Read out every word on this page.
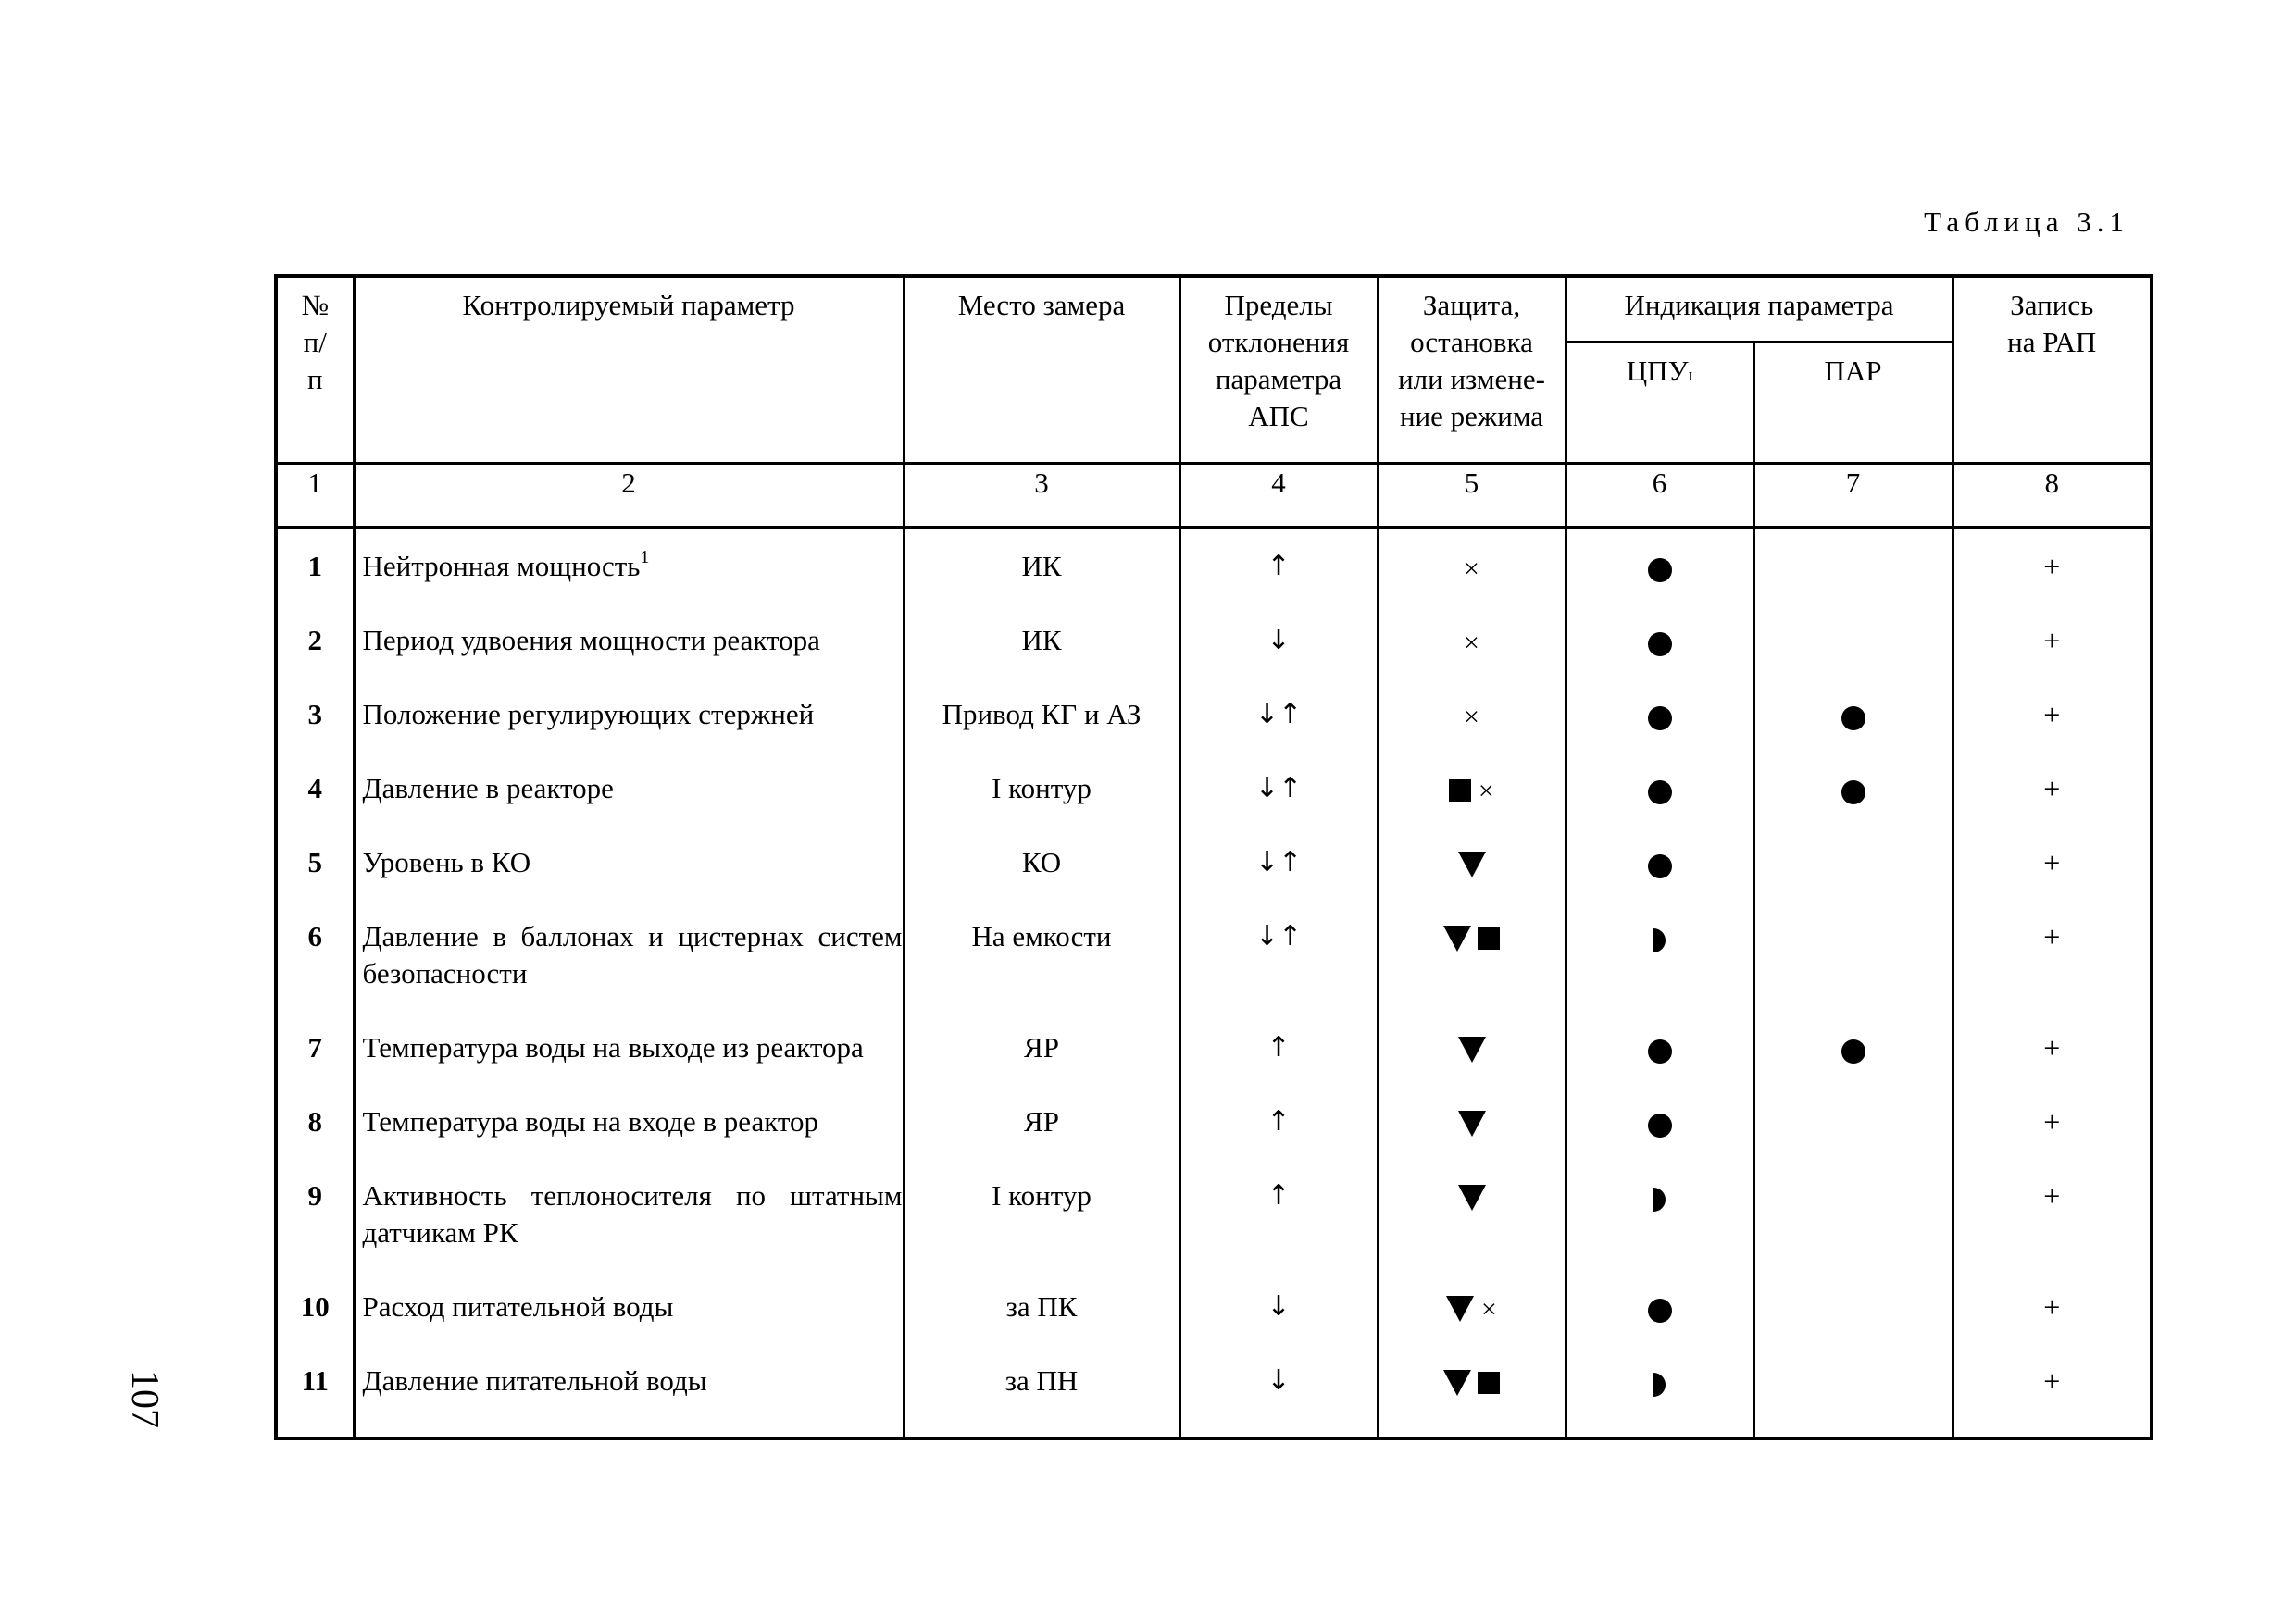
Таблица 3.1
107
№ п/п	Контролируемый параметр	Место замера	Пределы отклонения параметра АПС	Защита, остановка или измене-ние режима	Индикация параметра		Запись на РАП
					ЦПУI	ПАР	
1	2	3	4	5	6	7	8
1	Нейтронная мощность$^1$	ИК	↑	×			+
2	Период удвоения мощности реактора	ИК	↓	×			+
3	Положение регулирующих стержней	Привод КГ и АЗ	↓↑	×			+
4	Давление в реакторе	I контур	↓↑	×			+
5	Уровень в КО	КО	↓↑				+
6	Давление в баллонах и цистернах систем безопасности	На емкости	↓↑				+
7	Температура воды на выходе из реактора	ЯР	↑				+
8	Температура воды на входе в реактор	ЯР	↑				+
9	Активность теплоносителя по штатным датчикам РК	I контур	↑				+
10	Расход питательной воды	за ПК	↓	×			+
11	Давление питательной воды	за ПН	↓				+
